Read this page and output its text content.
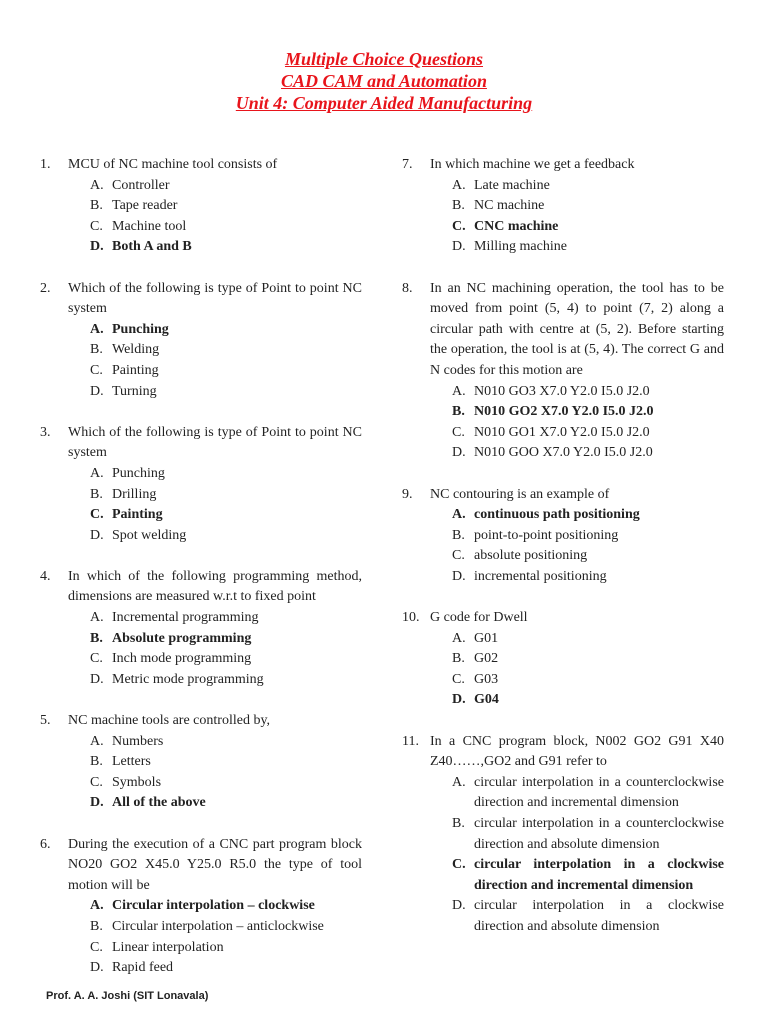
Multiple Choice Questions
CAD CAM and Automation
Unit 4: Computer Aided Manufacturing
1. MCU of NC machine tool consists of
A. Controller
B. Tape reader
C. Machine tool
D. Both A and B
2. Which of the following is type of Point to point NC system
A. Punching
B. Welding
C. Painting
D. Turning
3. Which of the following is type of Point to point NC system
A. Punching
B. Drilling
C. Painting
D. Spot welding
4. In which of the following programming method, dimensions are measured w.r.t to fixed point
A. Incremental programming
B. Absolute programming
C. Inch mode programming
D. Metric mode programming
5. NC machine tools are controlled by,
A. Numbers
B. Letters
C. Symbols
D. All of the above
6. During the execution of a CNC part program block NO20 GO2 X45.0 Y25.0 R5.0 the type of tool motion will be
A. Circular interpolation – clockwise
B. Circular interpolation – anticlockwise
C. Linear interpolation
D. Rapid feed
7. In which machine we get a feedback
A. Late machine
B. NC machine
C. CNC machine
D. Milling machine
8. In an NC machining operation, the tool has to be moved from point (5, 4) to point (7, 2) along a circular path with centre at (5, 2). Before starting the operation, the tool is at (5, 4). The correct G and N codes for this motion are
A. N010 GO3 X7.0 Y2.0 I5.0 J2.0
B. N010 GO2 X7.0 Y2.0 I5.0 J2.0
C. N010 GO1 X7.0 Y2.0 I5.0 J2.0
D. N010 GOO X7.0 Y2.0 I5.0 J2.0
9. NC contouring is an example of
A. continuous path positioning
B. point-to-point positioning
C. absolute positioning
D. incremental positioning
10. G code for Dwell
A. G01
B. G02
C. G03
D. G04
11. In a CNC program block, N002 GO2 G91 X40 Z40……,GO2 and G91 refer to
A. circular interpolation in a counterclockwise direction and incremental dimension
B. circular interpolation in a counterclockwise direction and absolute dimension
C. circular interpolation in a clockwise direction and incremental dimension
D. circular interpolation in a clockwise direction and absolute dimension
Prof. A. A. Joshi (SIT Lonavala)
